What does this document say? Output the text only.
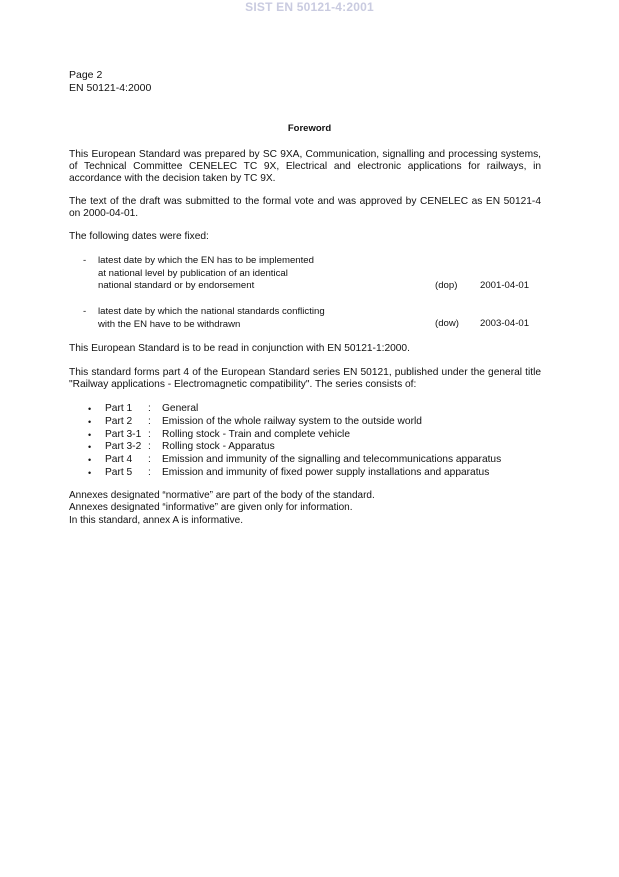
SIST EN 50121-4:2001
Page 2
EN 50121-4:2000
Foreword
This European Standard was prepared by SC 9XA, Communication, signalling and processing systems, of Technical Committee CENELEC TC 9X, Electrical and electronic applications for railways, in accordance with the decision taken by TC 9X.
The text of the draft was submitted to the formal vote and was approved by CENELEC as EN 50121-4 on 2000-04-01.
The following dates were fixed:
- latest date by which the EN has to be implemented
at national level by publication of an identical
national standard or by endorsement	(dop) 2001-04-01
- latest date by which the national standards conflicting
with the EN have to be withdrawn	(dow) 2003-04-01
This European Standard is to be read in conjunction with EN 50121-1:2000.
This standard forms part 4 of the European Standard series EN 50121, published under the general title "Railway applications - Electromagnetic compatibility". The series consists of:
• Part 1 : General
• Part 2 : Emission of the whole railway system to the outside world
• Part 3-1 : Rolling stock - Train and complete vehicle
• Part 3-2 : Rolling stock - Apparatus
• Part 4 : Emission and immunity of the signalling and telecommunications apparatus
• Part 5 : Emission and immunity of fixed power supply installations and apparatus
Annexes designated “normative” are part of the body of the standard.
Annexes designated “informative” are given only for information.
In this standard, annex A is informative.
